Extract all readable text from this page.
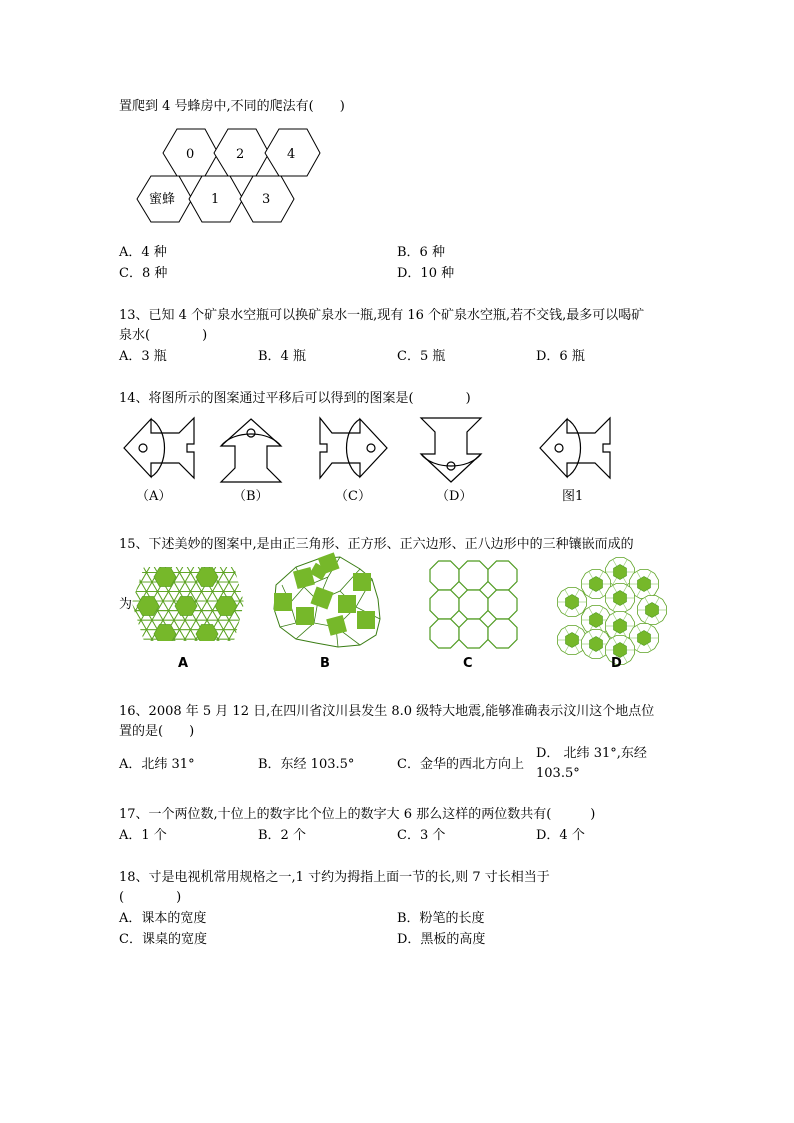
置爬到 4 号蜂房中,不同的爬法有(　　)
0	2	4
蜜蜂	1	3
A．4 种	B．6 种
C．8 种	D．10 种
13、已知 4 个矿泉水空瓶可以换矿泉水一瓶,现有 16 个矿泉水空瓶,若不交钱,最多可以喝矿
泉水(　　　　)
A．3 瓶	B．4 瓶	C．5 瓶	D．6 瓶
14、将图所示的图案通过平移后可以得到的图案是(　　　　)
（A）	（B）	（C）	（D）	图1
15、下述美妙的图案中,是由正三角形、正方形、正六边形、正八边形中的三种镶嵌而成的
为
A	B	C	D
16、2008 年 5 月 12 日,在四川省汶川县发生 8.0 级特大地震,能够准确表示汶川这个地点位
置的是(　　)
A．北纬 31°	B．东经 103.5°	C．金华的西北方向上
D． 北纬 31°,东经
103.5°
17、一个两位数,十位上的数字比个位上的数字大 6 那么这样的两位数共有(　　　)
A．1 个	B．2 个	C．3 个	D．4 个
18、寸是电视机常用规格之一,1 寸约为拇指上面一节的长,则 7 寸长相当于
(　　　　)
A．课本的宽度	B．粉笔的长度
C．课桌的宽度	D．黑板的高度
